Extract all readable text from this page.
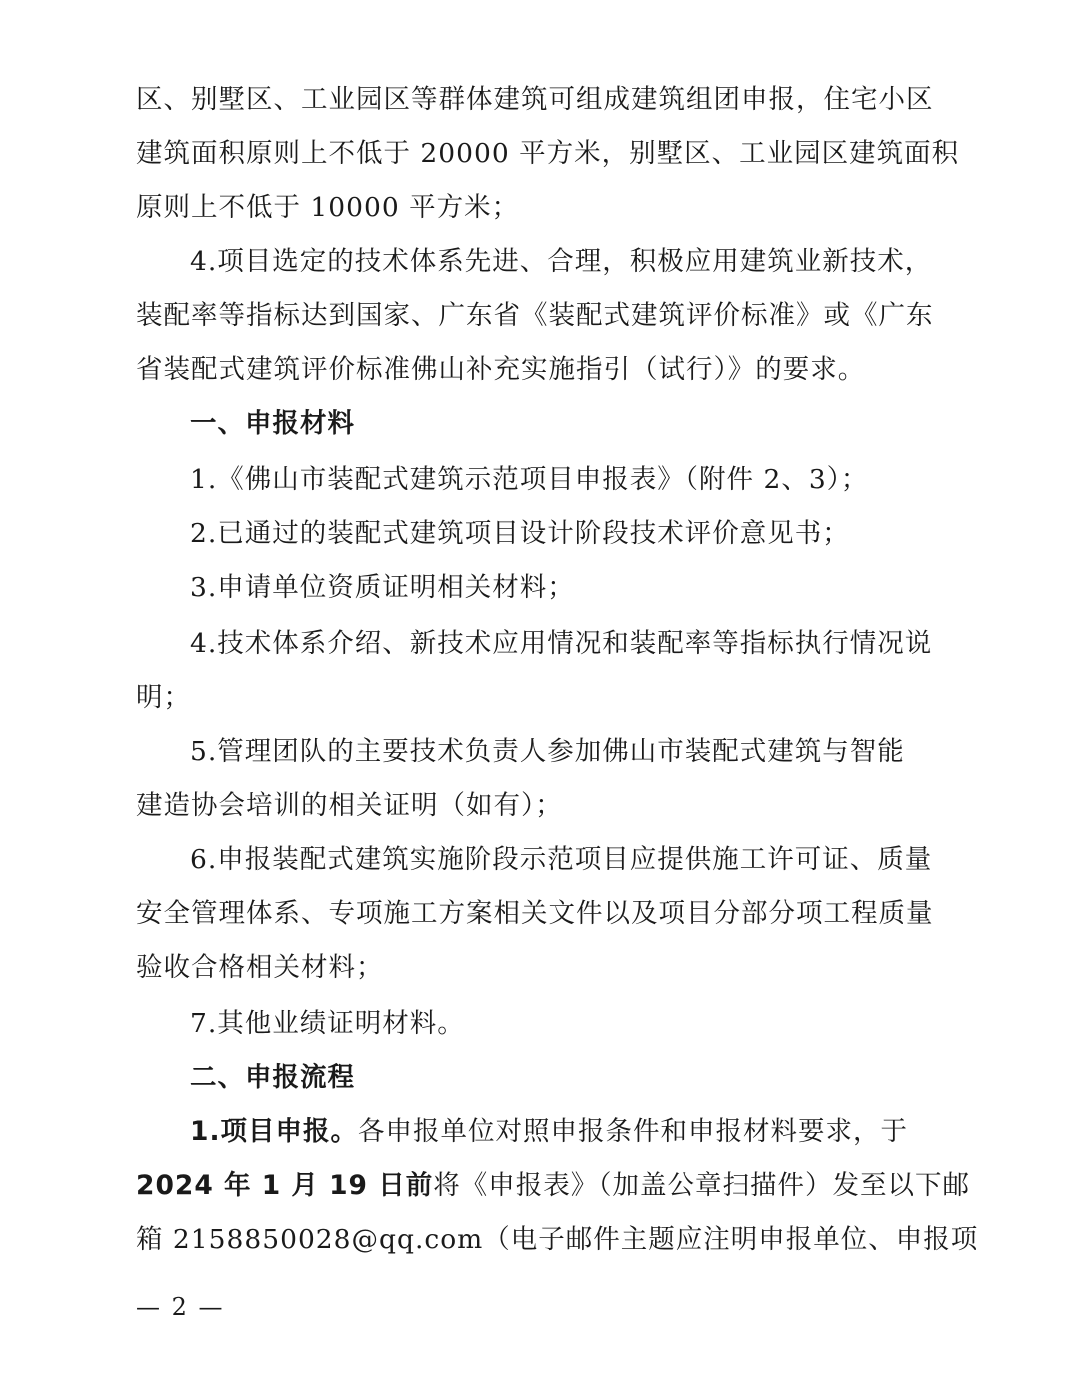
区、别墅区、工业园区等群体建筑可组成建筑组团申报，住宅小区
建筑面积原则上不低于 20000 平方米，别墅区、工业园区建筑面积
原则上不低于 10000 平方米；
4.项目选定的技术体系先进、合理，积极应用建筑业新技术，
装配率等指标达到国家、广东省《装配式建筑评价标准》或《广东
省装配式建筑评价标准佛山补充实施指引（试行）》的要求。
一、申报材料
1.《佛山市装配式建筑示范项目申报表》（附件 2、3）；
2.已通过的装配式建筑项目设计阶段技术评价意见书；
3.申请单位资质证明相关材料；
4.技术体系介绍、新技术应用情况和装配率等指标执行情况说
明；
5.管理团队的主要技术负责人参加佛山市装配式建筑与智能
建造协会培训的相关证明（如有）；
6.申报装配式建筑实施阶段示范项目应提供施工许可证、质量
安全管理体系、专项施工方案相关文件以及项目分部分项工程质量
验收合格相关材料；
7.其他业绩证明材料。
二、申报流程
1.项目申报。各申报单位对照申报条件和申报材料要求，于
2024 年 1 月 19 日前将《申报表》（加盖公章扫描件）发至以下邮
箱 2158850028@qq.com（电子邮件主题应注明申报单位、申报项
— 2 —
